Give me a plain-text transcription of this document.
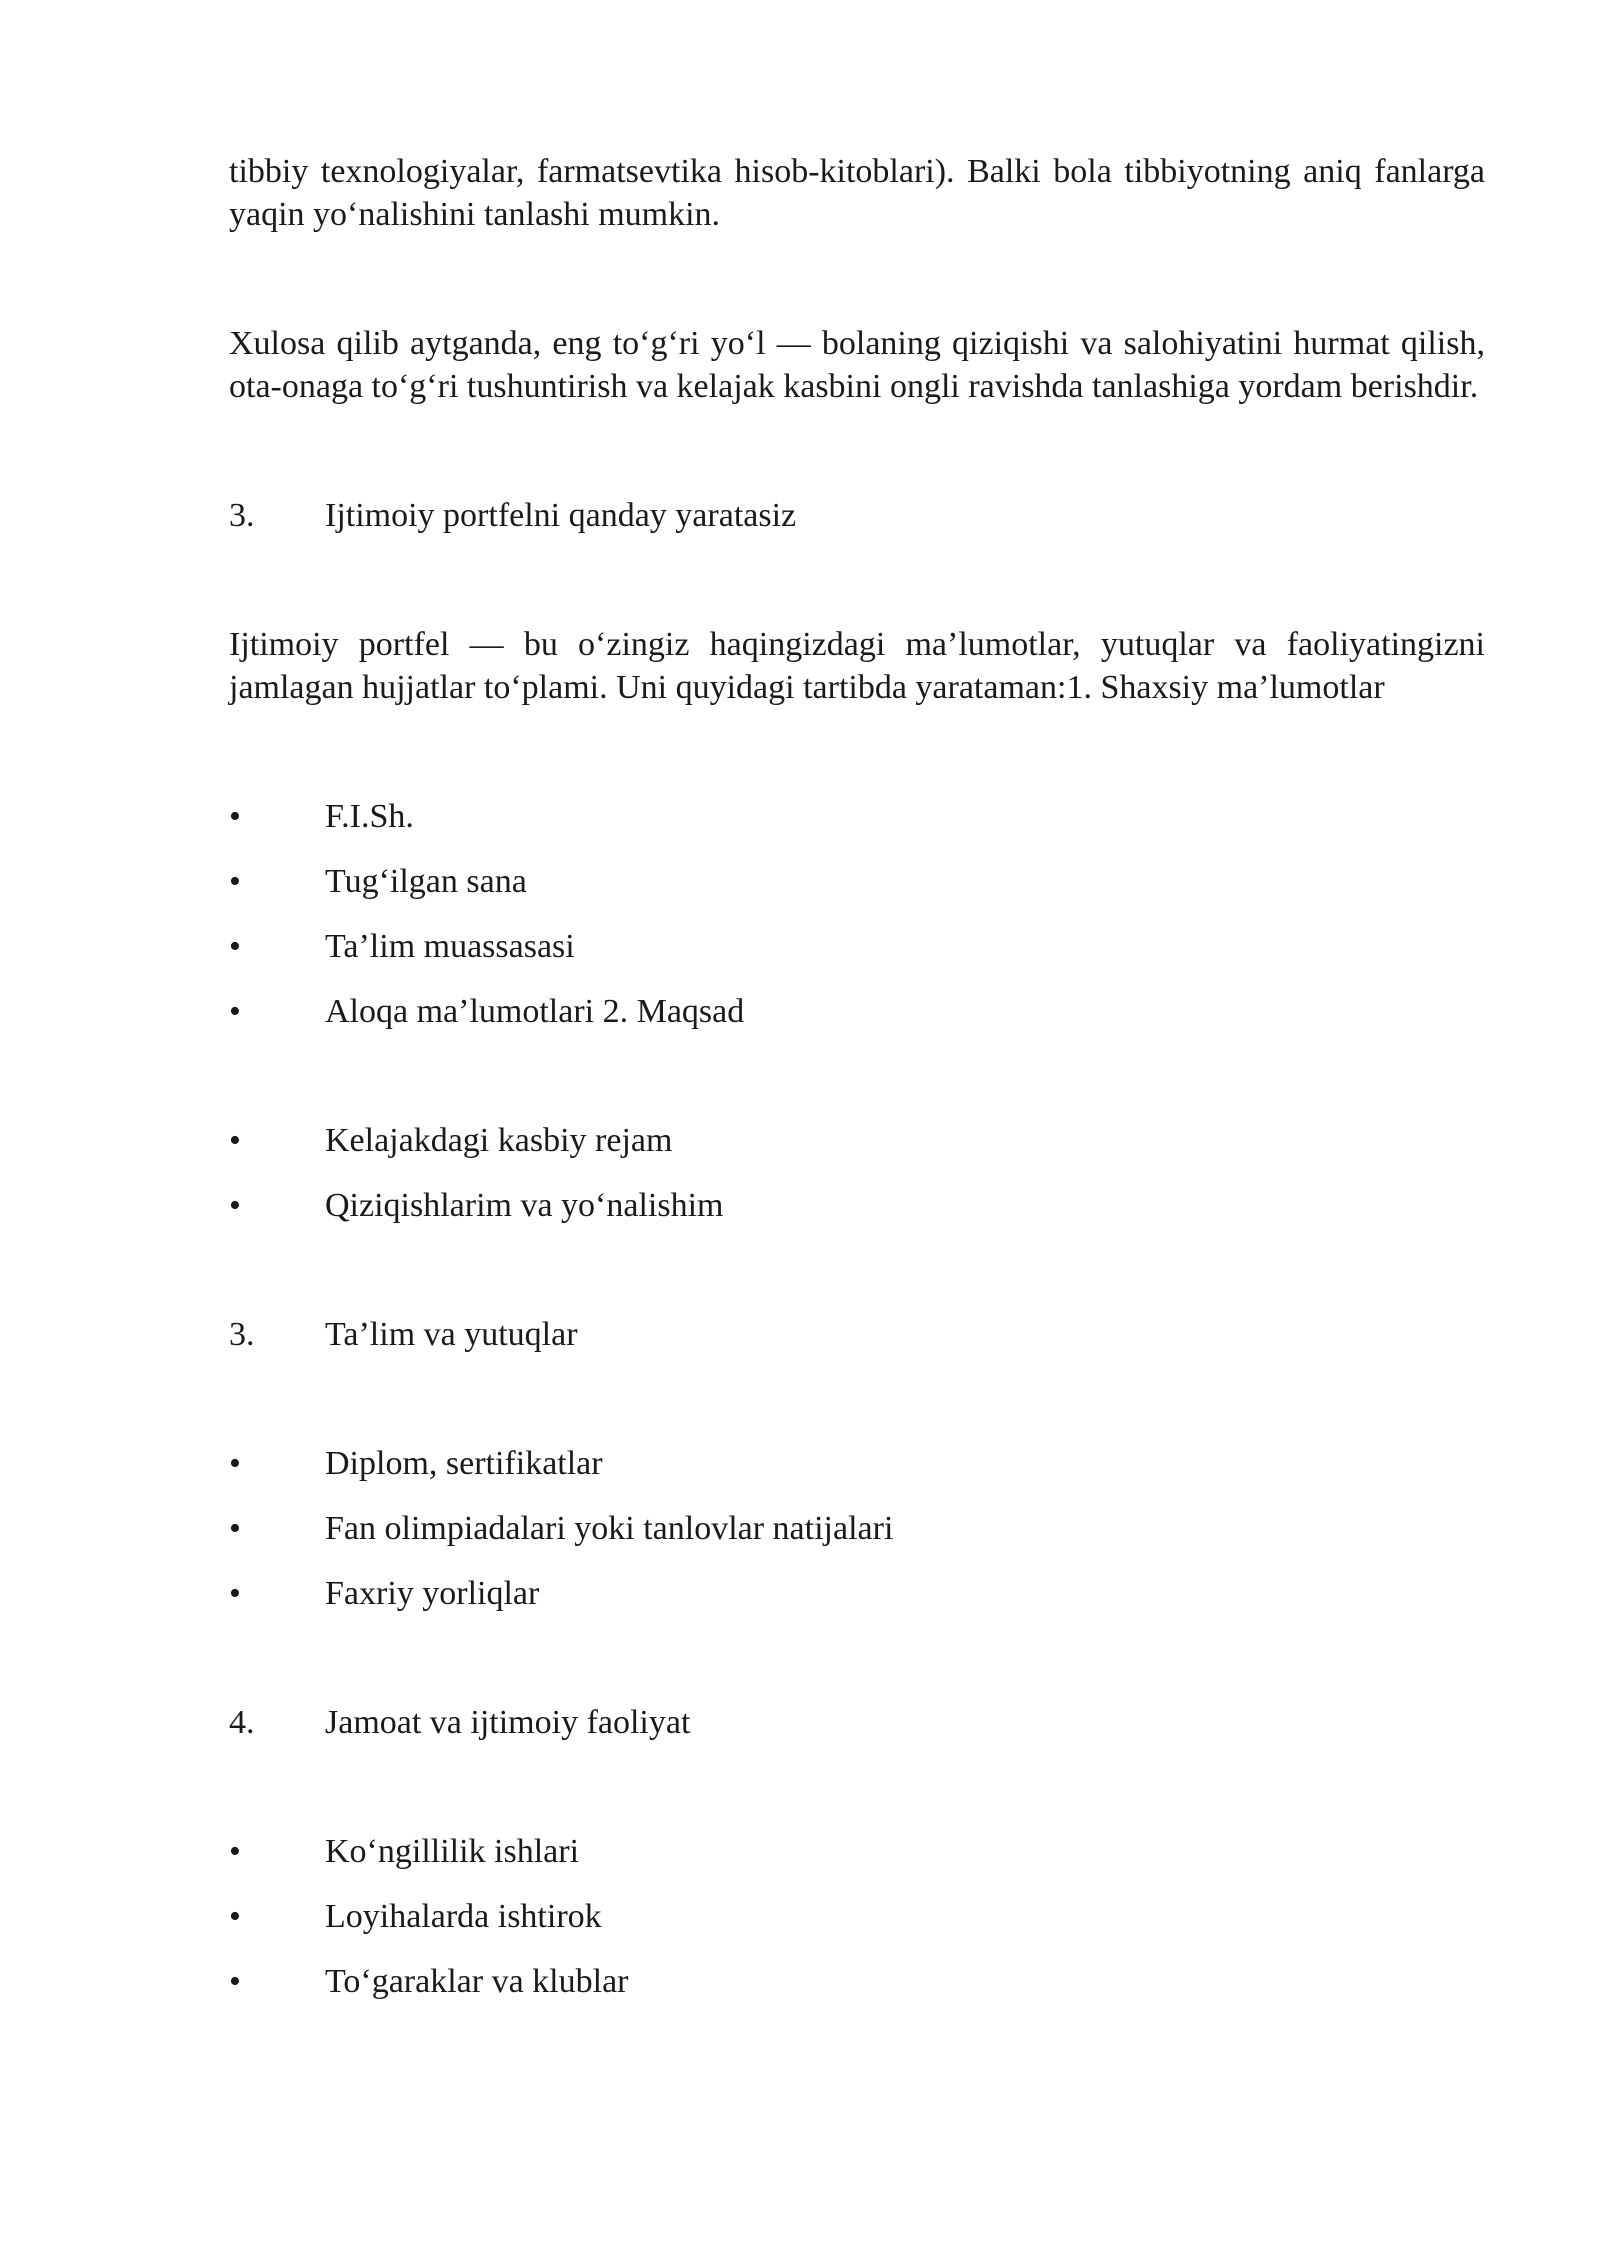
tibbiy texnologiyalar, farmatsevtika hisob-kitoblari). Balki bola tibbiyotning aniq fanlarga yaqin yo‘nalishini tanlashi mumkin.

Xulosa qilib aytganda, eng to‘g‘ri yo‘l — bolaning qiziqishi va salohiyatini hurmat qilish, ota-onaga to‘g‘ri tushuntirish va kelajak kasbini ongli ravishda tanlashiga yordam berishdir.

3.	Ijtimoiy portfelni qanday yaratasiz

Ijtimoiy portfel — bu o‘zingiz haqingizdagi ma’lumotlar, yutuqlar va faoliyatingizni jamlagan hujjatlar to‘plami. Uni quyidagi tartibda yarataman:1. Shaxsiy ma’lumotlar

•	F.I.Sh.
•	Tug‘ilgan sana
•	Ta’lim muassasasi
•	Aloqa ma’lumotlari 2. Maqsad
•	Kelajakdagi kasbiy rejam
•	Qiziqishlarim va yo‘nalishim
3.	Ta’lim va yutuqlar
•	Diplom, sertifikatlar
•	Fan olimpiadalari yoki tanlovlar natijalari
•	Faxriy yorliqlar
4.	Jamoat va ijtimoiy faoliyat
•	Ko‘ngillilik ishlari
•	Loyihalarda ishtirok
•	To‘garaklar va klublar
